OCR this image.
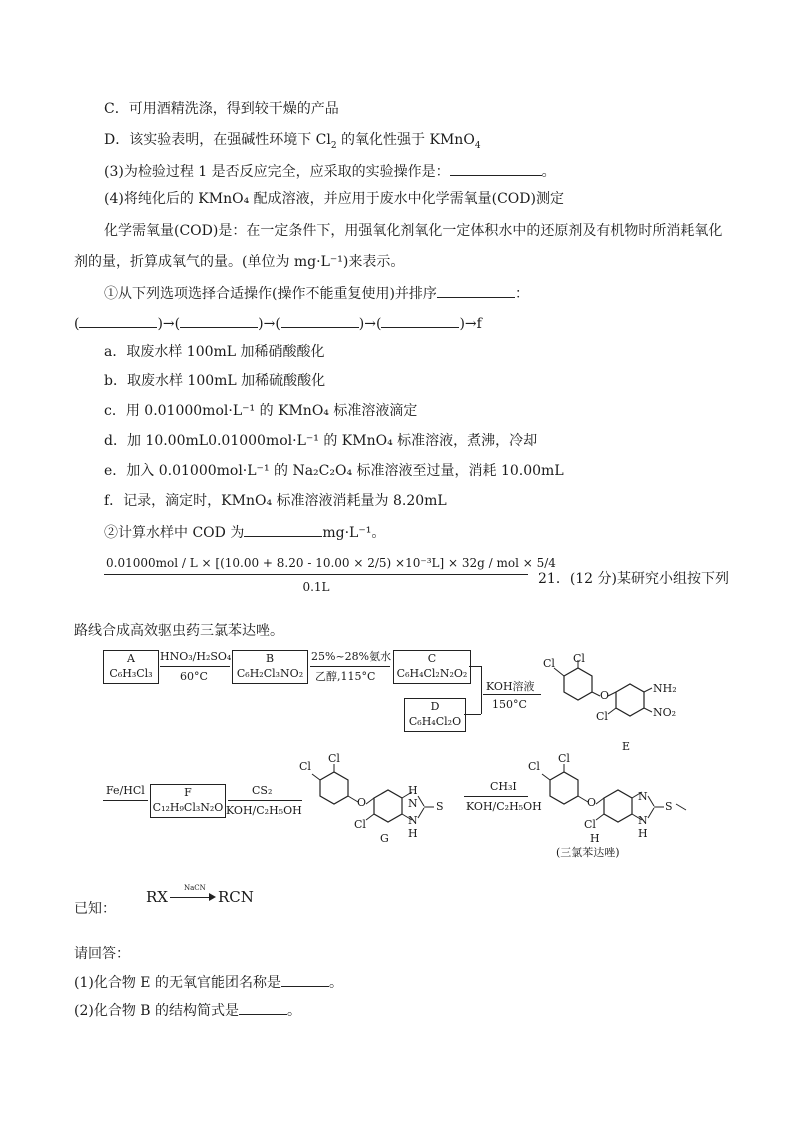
C．可用酒精洗涤，得到较干燥的产品
D．该实验表明，在强碱性环境下 $Cl_2$ 的氧化性强于 KMnO$_4$
(3)为检验过程 1 是否反应完全，应采取的实验操作是：	。
(4)将纯化后的 KMnO₄ 配成溶液，并应用于废水中化学需氧量(COD)测定
化学需氧量(COD)是：在一定条件下，用强氧化剂氧化一定体积水中的还原剂及有机物时所消耗氧化
剂的量，折算成氧气的量。(单位为 mg·L⁻¹)来表示。
①从下列选项选择合适操作(操作不能重复使用)并排序	：
(	)→(	)→(	)→(	)→f
a．取废水样 100mL 加稀硝酸酸化
b．取废水样 100mL 加稀硫酸酸化
c．用 0.01000mol·L⁻¹ 的 KMnO₄ 标准溶液滴定
d．加 10.00mL0.01000mol·L⁻¹ 的 KMnO₄ 标准溶液，煮沸，冷却
e．加入 0.01000mol·L⁻¹ 的 Na₂C₂O₄ 标准溶液至过量，消耗 10.00mL
f．记录，滴定时，KMnO₄ 标准溶液消耗量为 8.20mL
②计算水样中 COD 为	mg·L⁻¹。
0.01000mol / L × [(10.00 + 8.20 - 10.00 × 2/5) ×10⁻³L] × 32g / mol × 5/4
0.1L	21．(12 分)某研究小组按下列
路线合成高效驱虫药三氯苯达唑。
A
C₆H₃Cl₃
HNO₃/H₂SO₄
60°C
B
C₆H₂Cl₃NO₂
25%~28%氨水
乙醇,115°C
C
C₆H₄Cl₂N₂O₂
D
C₆H₄Cl₂O
KOH溶液
150°C
Cl Cl
O
NH₂
NO₂
Cl
E
Fe/HCl	F
C₁₂H₉Cl₃N₂O
CS₂
KOH/C₂H₅OH
Cl
Cl
O
H
N
N
H
S
Cl
G
CH₃I
KOH/C₂H₅OH
Cl
Cl
O	N
N
H
S
Cl
H
(三氯苯达唑)
已知：
RX NaCN RCN
请回答：
(1)化合物 E 的无氧官能团名称是	。
(2)化合物 B 的结构简式是	。
